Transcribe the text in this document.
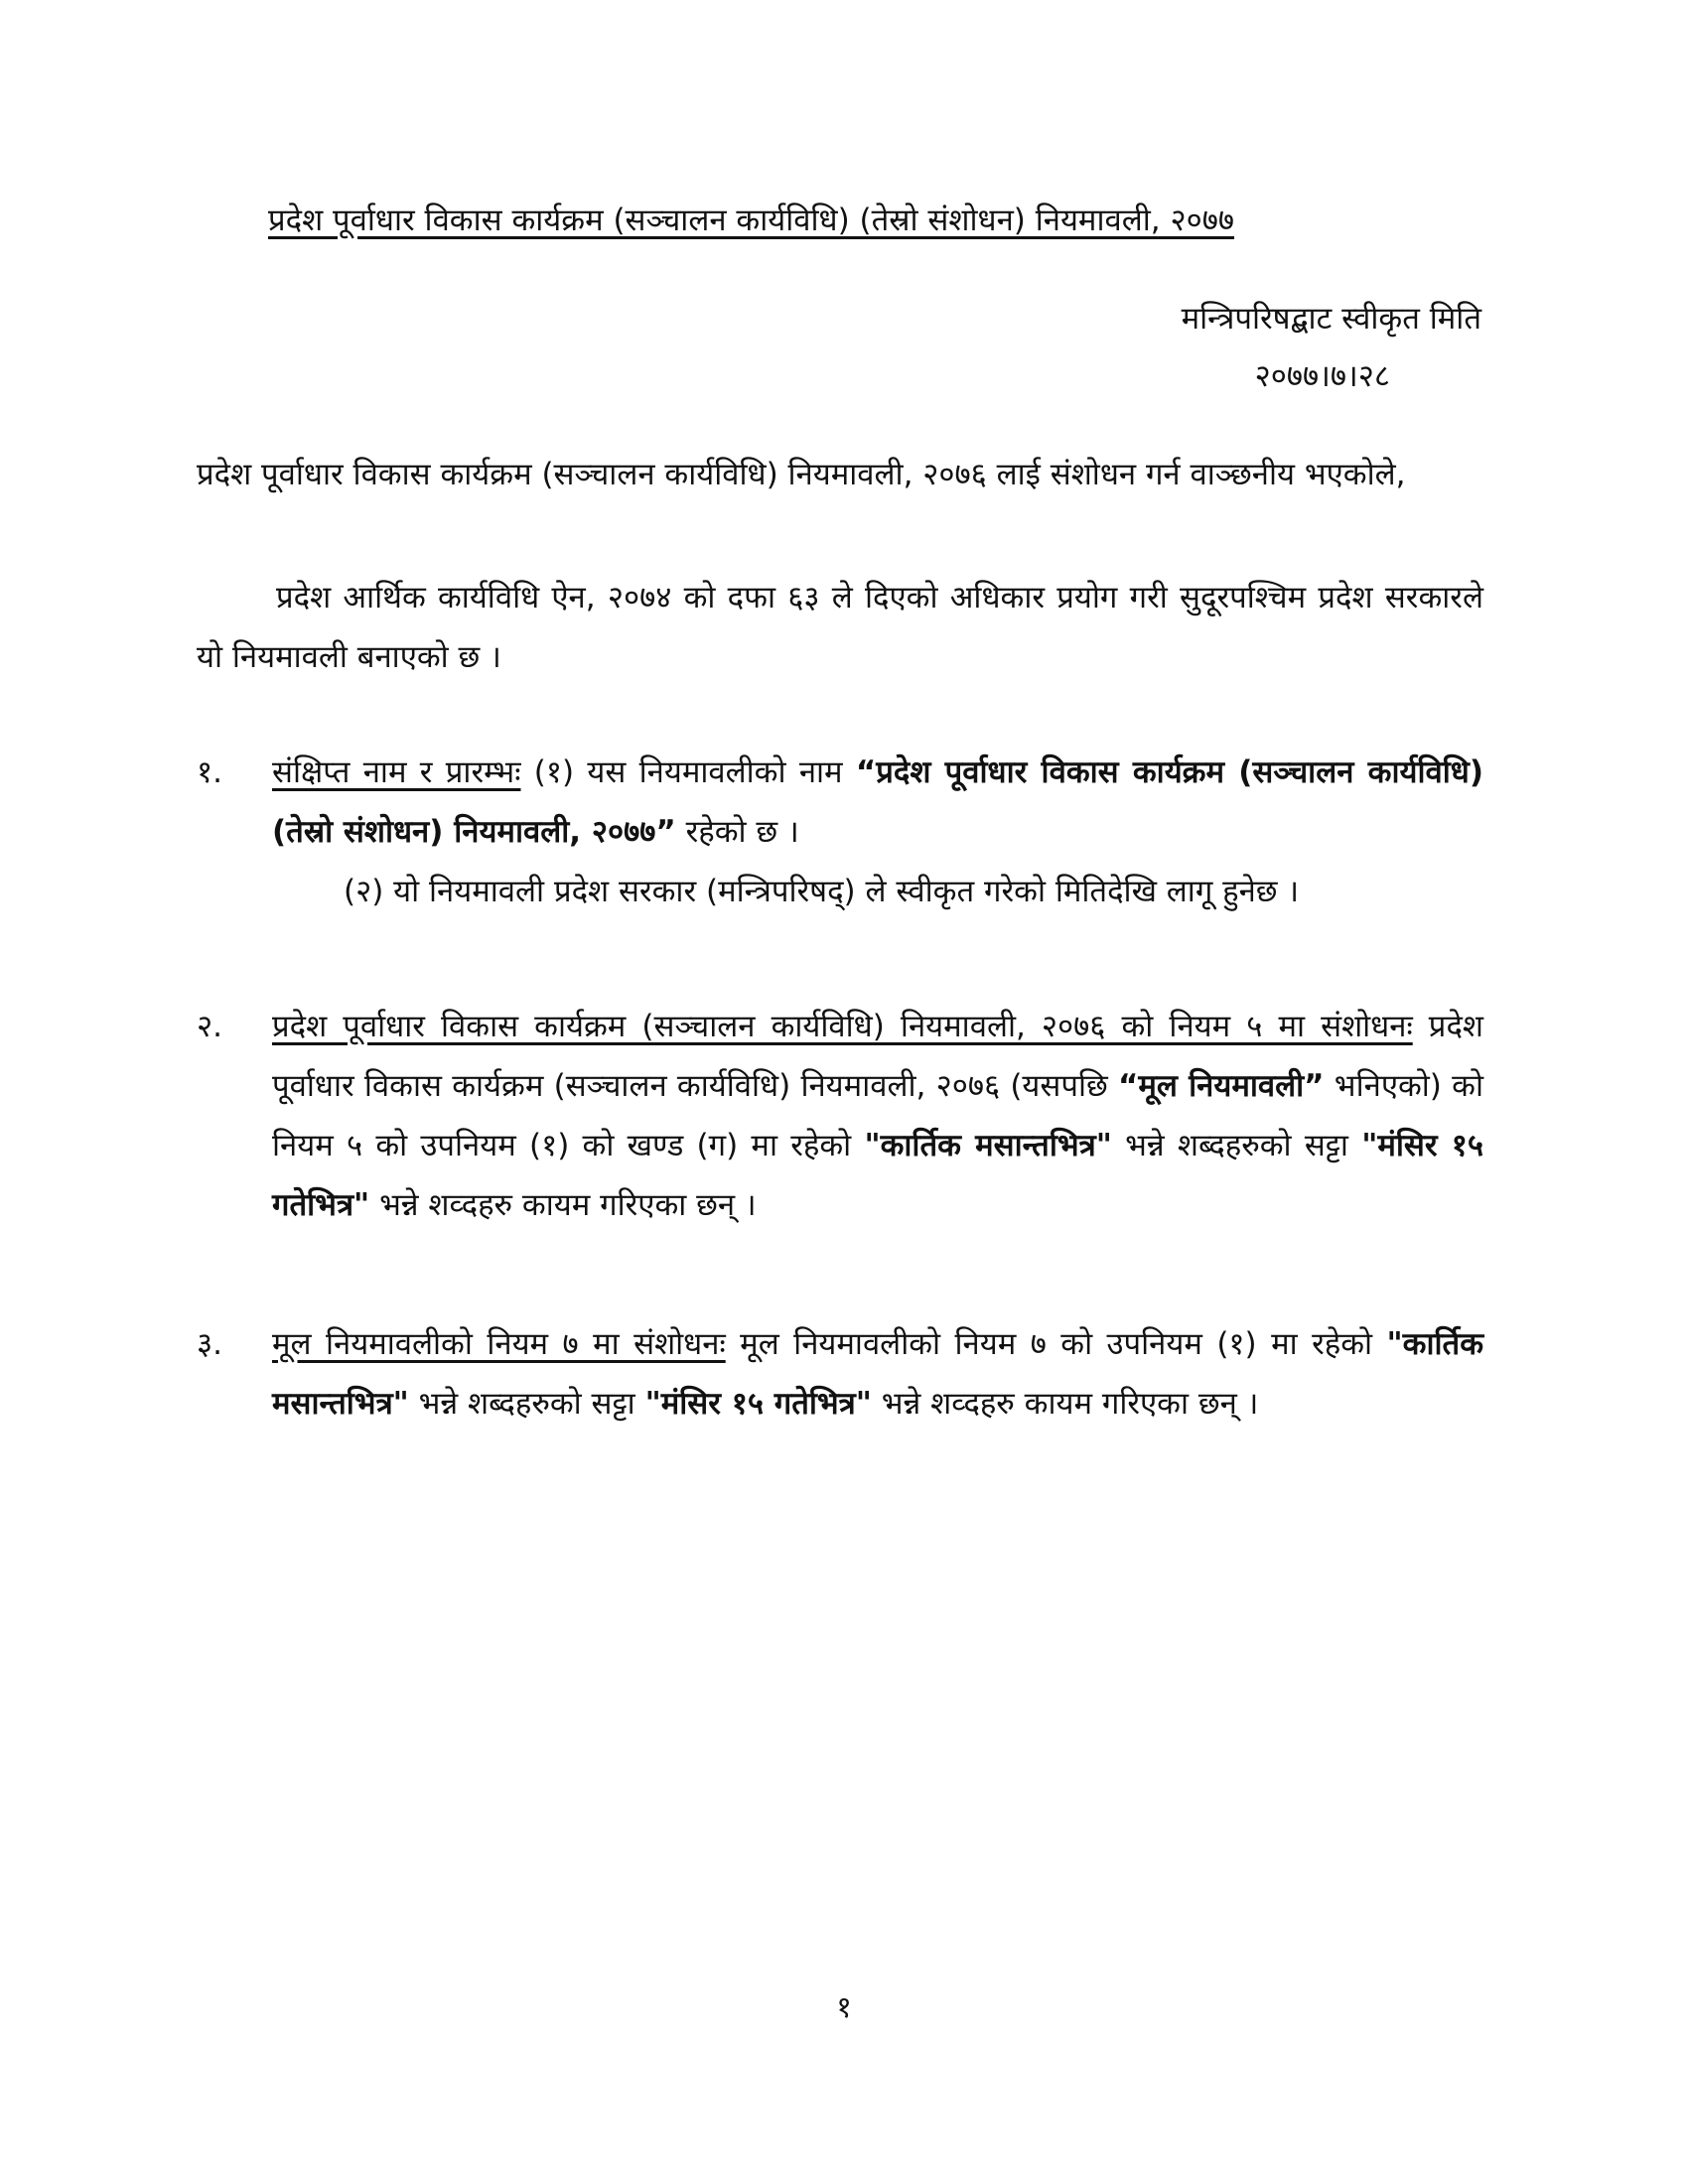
प्रदेश पूर्वाधार विकास कार्यक्रम (सञ्चालन कार्यविधि) (तेस्रो संशोधन) नियमावली, २०७७
मन्त्रिपरिषद्बाट स्वीकृत मिति
२०७७।७।२८
प्रदेश पूर्वाधार विकास कार्यक्रम (सञ्चालन कार्यविधि) नियमावली, २०७६ लाई संशोधन गर्न वाञ्छनीय भएकोले,
प्रदेश आर्थिक कार्यविधि ऐन, २०७४ को दफा ६३ ले दिएको अधिकार प्रयोग गरी सुदूरपश्चिम प्रदेश सरकारले यो नियमावली बनाएको छ ।
१.	संक्षिप्त नाम र प्रारम्भः (१) यस नियमावलीको नाम “प्रदेश पूर्वाधार विकास कार्यक्रम (सञ्चालन कार्यविधि) (तेस्रो संशोधन) नियमावली, २०७७” रहेको छ ।
(२) यो नियमावली प्रदेश सरकार (मन्त्रिपरिषद्) ले स्वीकृत गरेको मितिदेखि लागू हुनेछ ।
२.	प्रदेश पूर्वाधार विकास कार्यक्रम (सञ्चालन कार्यविधि) नियमावली, २०७६ को नियम ५ मा संशोधनः प्रदेश पूर्वाधार विकास कार्यक्रम (सञ्चालन कार्यविधि) नियमावली, २०७६ (यसपछि “मूल नियमावली” भनिएको) को नियम ५ को उपनियम (१) को खण्ड (ग) मा रहेको "कार्तिक मसान्तभित्र" भन्ने शब्दहरुको सट्टा "मंसिर १५ गतेभित्र" भन्ने शव्दहरु कायम गरिएका छन् ।
३.	मूल नियमावलीको नियम ७ मा संशोधनः मूल नियमावलीको नियम ७ को उपनियम (१) मा रहेको "कार्तिक मसान्तभित्र" भन्ने शब्दहरुको सट्टा "मंसिर १५ गतेभित्र" भन्ने शव्दहरु कायम गरिएका छन् ।
१
